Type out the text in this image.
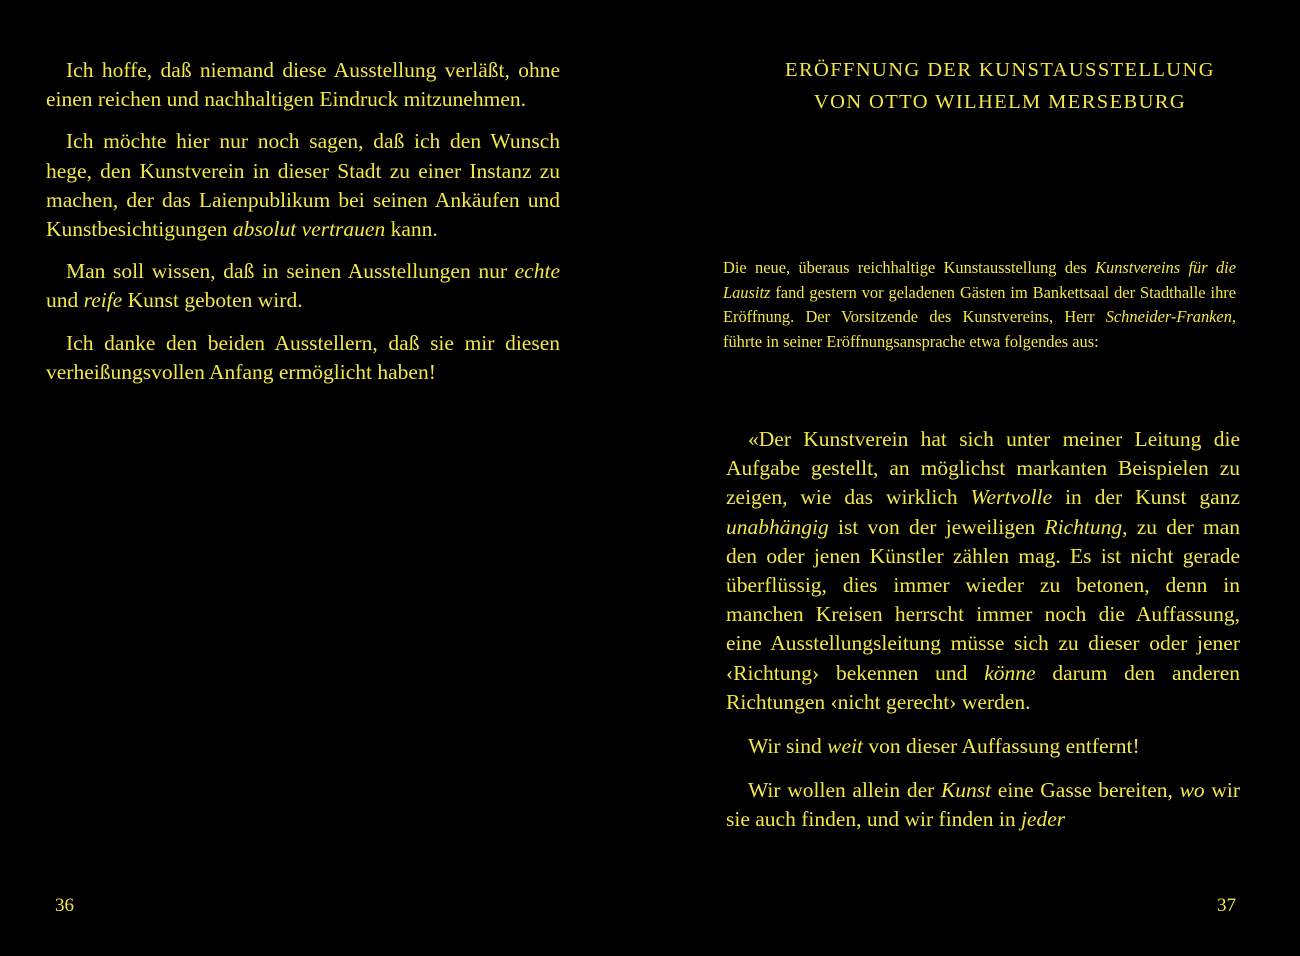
Ich hoffe, daß niemand diese Ausstellung verläßt, ohne einen reichen und nachhaltigen Eindruck mitzunehmen.

Ich möchte hier nur noch sagen, daß ich den Wunsch hege, den Kunstverein in dieser Stadt zu einer Instanz zu machen, der das Laienpublikum bei seinen Ankäufen und Kunstbesichtigungen absolut vertrauen kann.

Man soll wissen, daß in seinen Ausstellungen nur echte und reife Kunst geboten wird.

Ich danke den beiden Ausstellern, daß sie mir diesen verheißungsvollen Anfang ermöglicht haben!

36
ERÖFFNUNG DER KUNSTAUSSTELLUNG
VON OTTO WILHELM MERSEBURG

Die neue, überaus reichhaltige Kunstausstellung des Kunstvereins für die Lausitz fand gestern vor geladenen Gästen im Bankettsaal der Stadthalle ihre Eröffnung. Der Vorsitzende des Kunstvereins, Herr Schneider-Franken, führte in seiner Eröffnungsansprache etwa folgendes aus:

«Der Kunstverein hat sich unter meiner Leitung die Aufgabe gestellt, an möglichst markanten Beispielen zu zeigen, wie das wirklich Wertvolle in der Kunst ganz unabhängig ist von der jeweiligen Richtung, zu der man den oder jenen Künstler zählen mag. Es ist nicht gerade überflüssig, dies immer wieder zu betonen, denn in manchen Kreisen herrscht immer noch die Auffassung, eine Ausstellungsleitung müsse sich zu dieser oder jener ‹Richtung› bekennen und könne darum den anderen Richtungen ‹nicht gerecht› werden.

Wir sind weit von dieser Auffassung entfernt!

Wir wollen allein der Kunst eine Gasse bereiten, wo wir sie auch finden, und wir finden in jeder

37
